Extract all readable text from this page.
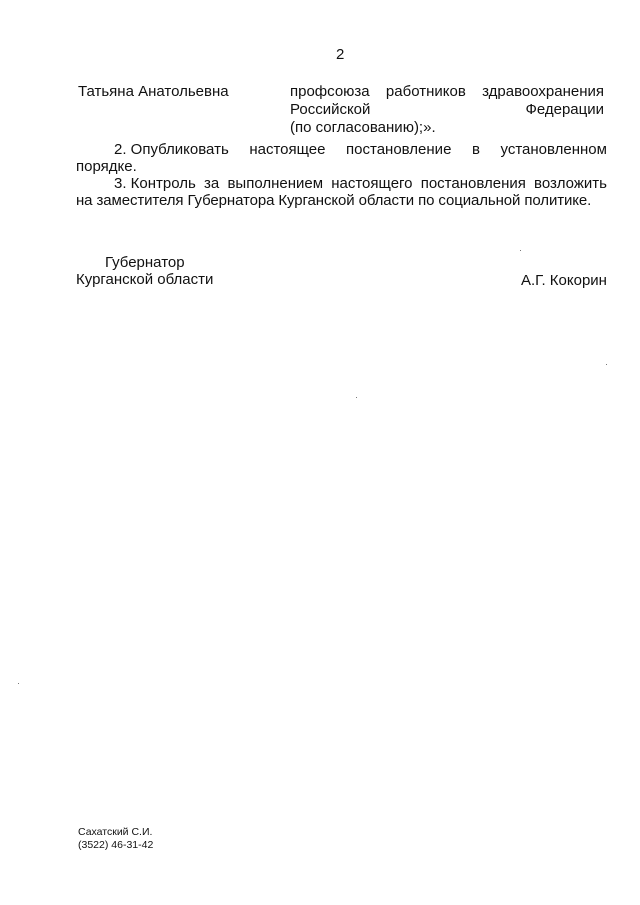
2
Татьяна Анатольевна	профсоюза работников здравоохранения
Российской	Федерации
(по согласованию);».
2. Опубликовать настоящее постановление в установленном
порядке.
3. Контроль за выполнением настоящего постановления возложить
на заместителя Губернатора Курганской области по социальной политике.
Губернатор
Курганской области	А.Г. Кокорин
Сахатский С.И.
(3522) 46-31-42
